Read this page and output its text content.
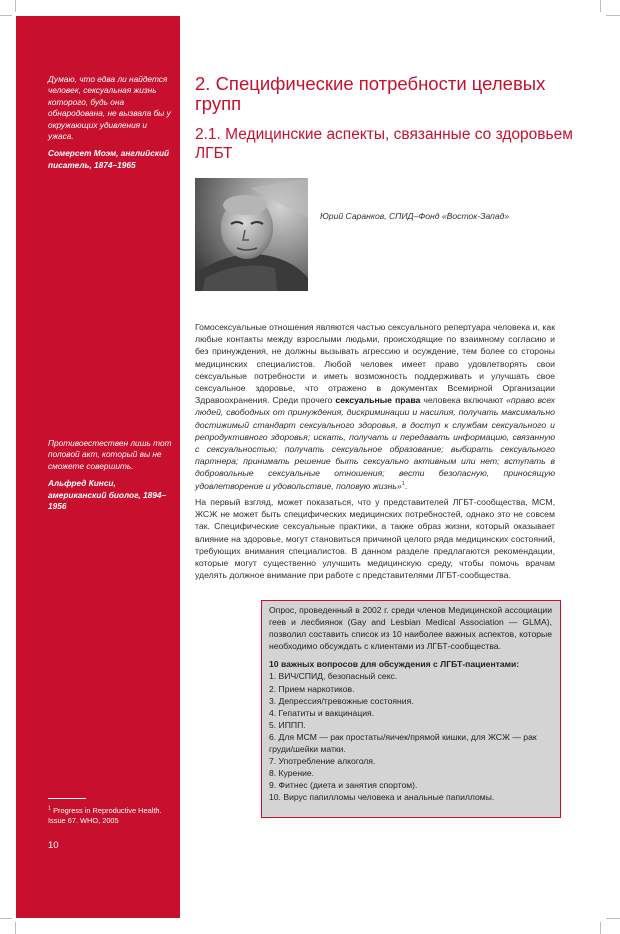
Думаю, что едва ли найдется человек, сексуальная жизнь которого, будь она обнародована, не вызвала бы у окружающих удивления и ужаса.

Сомерсет Моэм, английский писатель, 1874–1965

Противоестествен лишь тот половой акт, который вы не сможете совершить.

Альфред Кинси, американский биолог, 1894–1956

$^1$ Progress in Reproductive Health. Issue 67. WHO, 2005
10
2. Специфические потребности целевых групп
2.1. Медицинские аспекты, связанные со здоровьем ЛГБТ

Юрий Саранков, СПИД–Фонд «Восток-Запад»

Гомосексуальные отношения являются частью сексуального репертуара человека и, как любые контакты между взрослыми людьми, происходящие по взаимному согласию и без принуждения, не должны вызывать агрессию и осуждение, тем более со стороны медицинских специалистов. Любой человек имеет право удовлетворять свои сексуальные потребности и иметь возможность поддерживать и улучшать свое сексуальное здоровье, что отражено в документах Всемирной Организации Здравоохранения. Среди прочего сексуальные права человека включают «право всех людей, свободных от принуждения, дискриминации и насилия, получать максимально достижимый стандарт сексуального здоровья, в доступ к службам сексуального и репродуктивного здоровья; искать, получать и передавать информацию, связанную с сексуальностью; получать сексуальное образование; выбирать сексуального партнера; принимать решение быть сексуально активным или нет; вступать в добровольные сексуальные отношения; вести безопасную, приносящую удовлетворение и удовольствие, половую жизнь»$^1$.

На первый взгляд, может показаться, что у представителей ЛГБТ-сообщества, МСМ, ЖСЖ не может быть специфических медицинских потребностей, однако это не совсем так. Специфические сексуальные практики, а также образ жизни, который оказывает влияние на здоровье, могут становиться причиной целого ряда медицинских состояний, требующих внимания специалистов. В данном разделе предлагаются рекомендации, которые могут существенно улучшить медицинскую среду, чтобы помочь врачам уделять должное внимание при работе с представителями ЛГБТ-сообщества.

Опрос, проведенный в 2002 г. среди членов Медицинской ассоциации геев и лесбиянок (Gay and Lesbian Medical Association — GLMA), позволил составить список из 10 наиболее важных аспектов, которые необходимо обсуждать с клиентами из ЛГБТ-сообщества.

10 важных вопросов для обсуждения с ЛГБТ-пациентами:

1. ВИЧ/СПИД, безопасный секс.
2. Прием наркотиков.
3. Депрессия/тревожные состояния.
4. Гепатиты и вакцинация.
5. ИППП.
6. Для МСМ — рак простаты/яичек/прямой кишки, для ЖСЖ — рак груди/шейки матки.
7. Употребление алкоголя.
8. Курение.
9. Фитнес (диета и занятия спортом).
10. Вирус папилломы человека и анальные папилломы.
